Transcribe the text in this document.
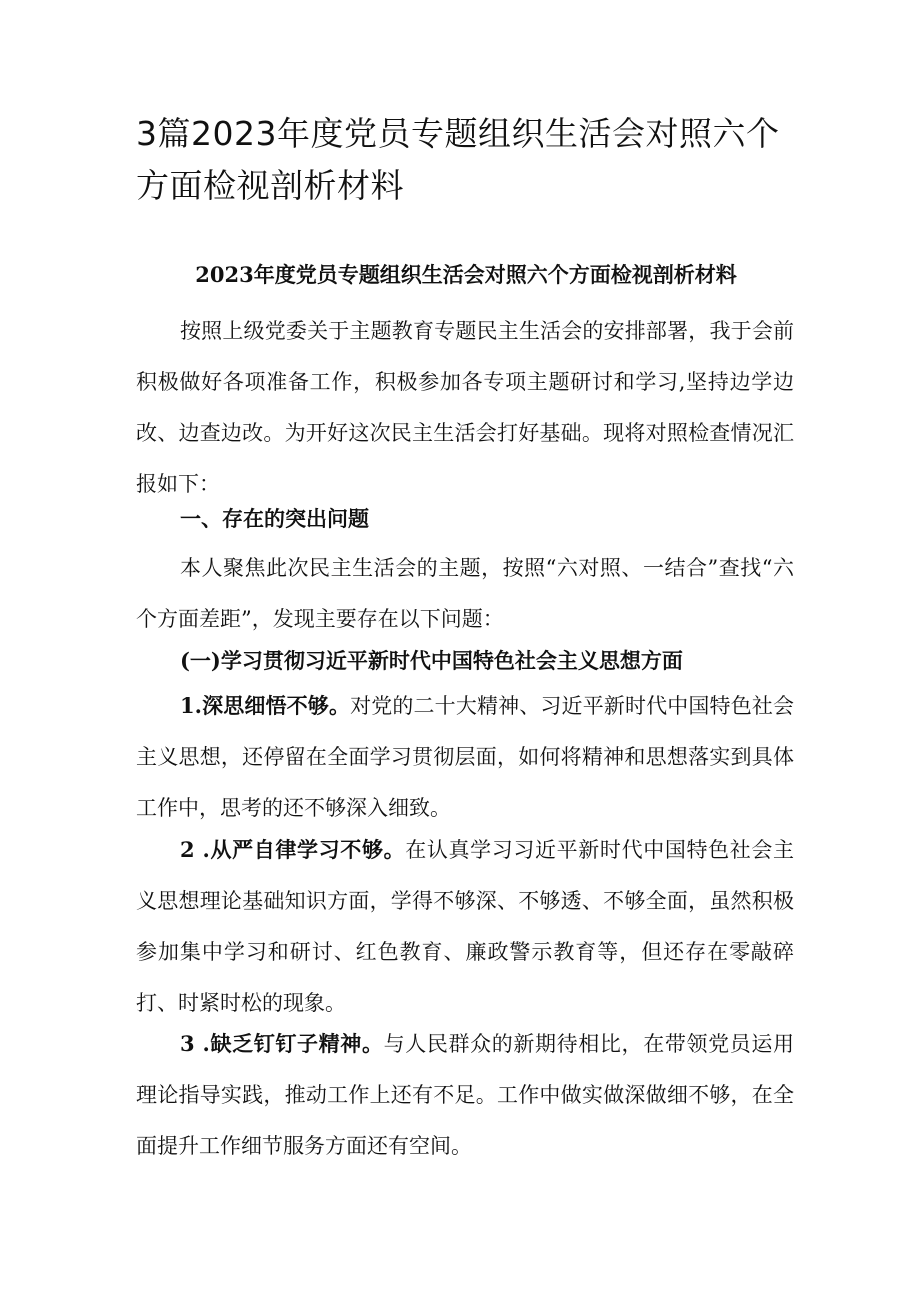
3篇2023年度党员专题组织生活会对照六个方面检视剖析材料
2023年度党员专题组织生活会对照六个方面检视剖析材料

按照上级党委关于主题教育专题民主生活会的安排部署，我于会前积极做好各项准备工作，积极参加各专项主题研讨和学习,坚持边学边改、边查边改。为开好这次民主生活会打好基础。现将对照检查情况汇报如下：

一、存在的突出问题

本人聚焦此次民主生活会的主题，按照“六对照、一结合”查找“六个方面差距”，发现主要存在以下问题：

(一)学习贯彻习近平新时代中国特色社会主义思想方面

1.深思细悟不够。对党的二十大精神、习近平新时代中国特色社会主义思想，还停留在全面学习贯彻层面，如何将精神和思想落实到具体工作中，思考的还不够深入细致。

2 .从严自律学习不够。在认真学习习近平新时代中国特色社会主义思想理论基础知识方面，学得不够深、不够透、不够全面，虽然积极参加集中学习和研讨、红色教育、廉政警示教育等，但还存在零敲碎打、时紧时松的现象。

3 .缺乏钉钉子精神。与人民群众的新期待相比，在带领党员运用理论指导实践，推动工作上还有不足。工作中做实做深做细不够，在全面提升工作细节服务方面还有空间。
